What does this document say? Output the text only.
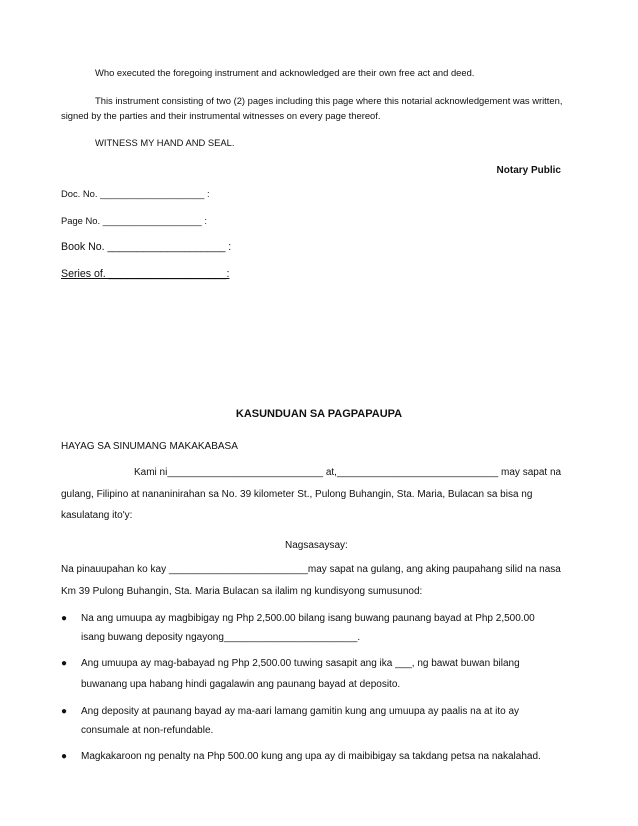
Who executed the foregoing instrument and acknowledged are their own free act and deed.

This instrument consisting of two (2) pages including this page where this notarial acknowledgement was written,

signed by the parties and their instrumental witnesses on every page thereof.

WITNESS MY HAND AND SEAL.

Notary Public

Doc. No. ____________________ :

Page No. ___________________ :

Book No. ____________________ :

Series of. ____________________:

KASUNDUAN SA PAGPAPAUPA

HAYAG SA SINUMANG MAKAKABASA

Kami ni____________________________ at,_____________________________ may sapat na

gulang, Filipino at nananinirahan sa No. 39 kilometer St., Pulong Buhangin, Sta. Maria, Bulacan sa bisa ng

kasulatang ito'y:

Nagsasaysay:

Na pinauupahan ko kay _________________________may sapat na gulang, ang aking paupahang silid na nasa

Km 39 Pulong Buhangin, Sta. Maria Bulacan sa ilalim ng kundisyong sumusunod:

● Na ang umuupa ay magbibigay ng Php 2,500.00 bilang isang buwang paunang bayad at Php 2,500.00

isang buwang deposity ngayong________________________.

● Ang umuupa ay mag-babayad ng Php 2,500.00 tuwing sasapit ang ika ___, ng bawat buwan bilang

buwanang upa habang hindi gagalawin ang paunang bayad at deposito.

● Ang deposity at paunang bayad ay ma-aari lamang gamitin kung ang umuupa ay paalis na at ito ay

consumale at non-refundable.

● Magkakaroon ng penalty na Php 500.00 kung ang upa ay di maibibigay sa takdang petsa na nakalahad.
